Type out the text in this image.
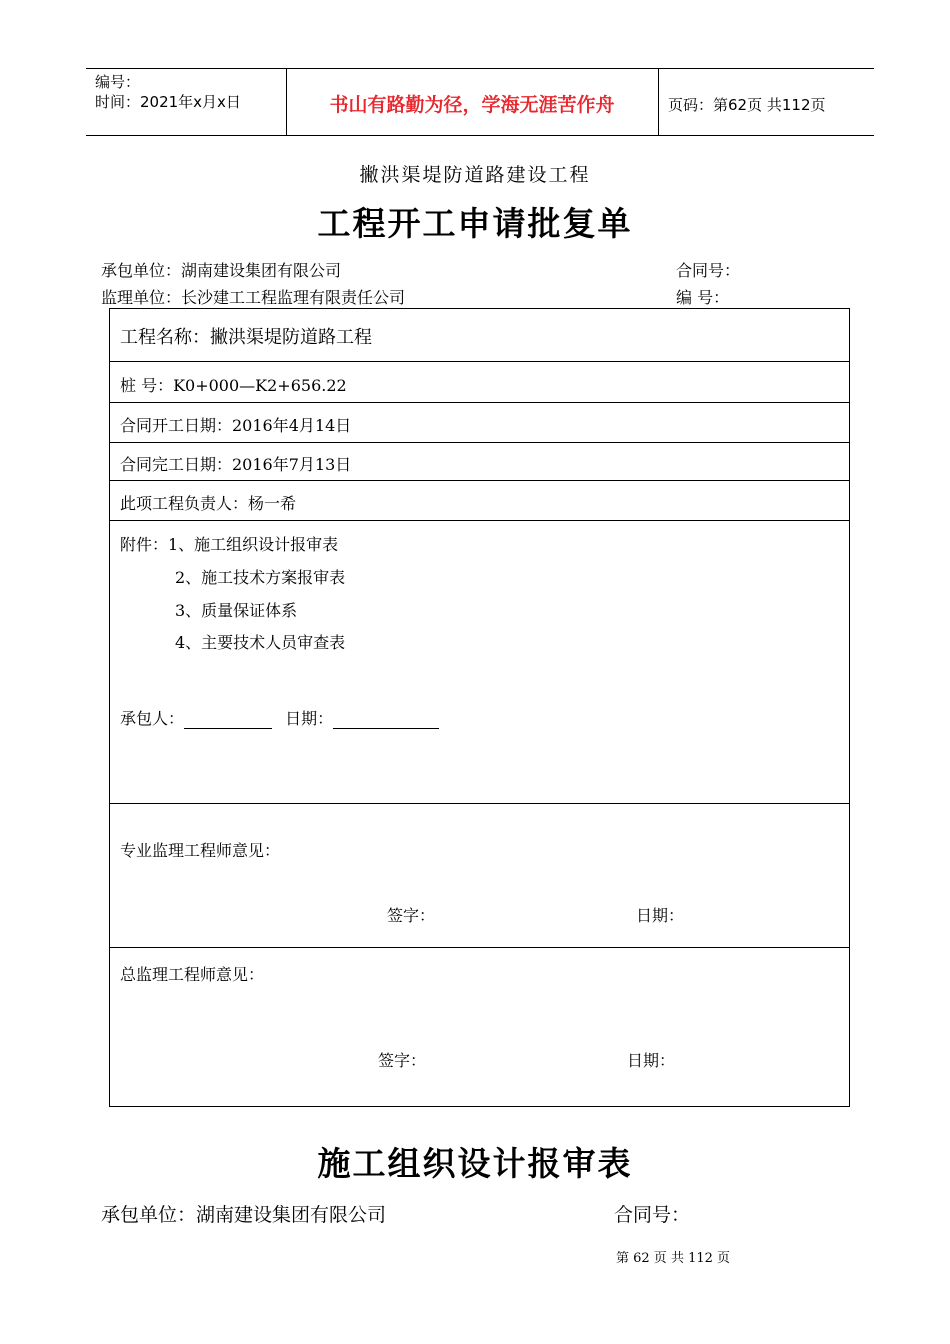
编号：
时间：2021年x月x日	书山有路勤为径，学海无涯苦作舟	页码：第62页 共112页
撇洪渠堤防道路建设工程
工程开工申请批复单
承包单位：湖南建设集团有限公司	合同号：
监理单位：长沙建工工程监理有限责任公司	编 号：
工程名称：撇洪渠堤防道路工程
桩 号：K0+000—K2+656.22
合同开工日期：2016年4月14日
合同完工日期：2016年7月13日
此项工程负责人：杨一希
附件：1、施工组织设计报审表
2、施工技术方案报审表
3、质量保证体系
4、主要技术人员审查表
承包人：	日期：
专业监理工程师意见：
签字：	日期：
总监理工程师意见：
签字：	日期：
施工组织设计报审表
承包单位：湖南建设集团有限公司	合同号：
第 62 页 共 112 页
